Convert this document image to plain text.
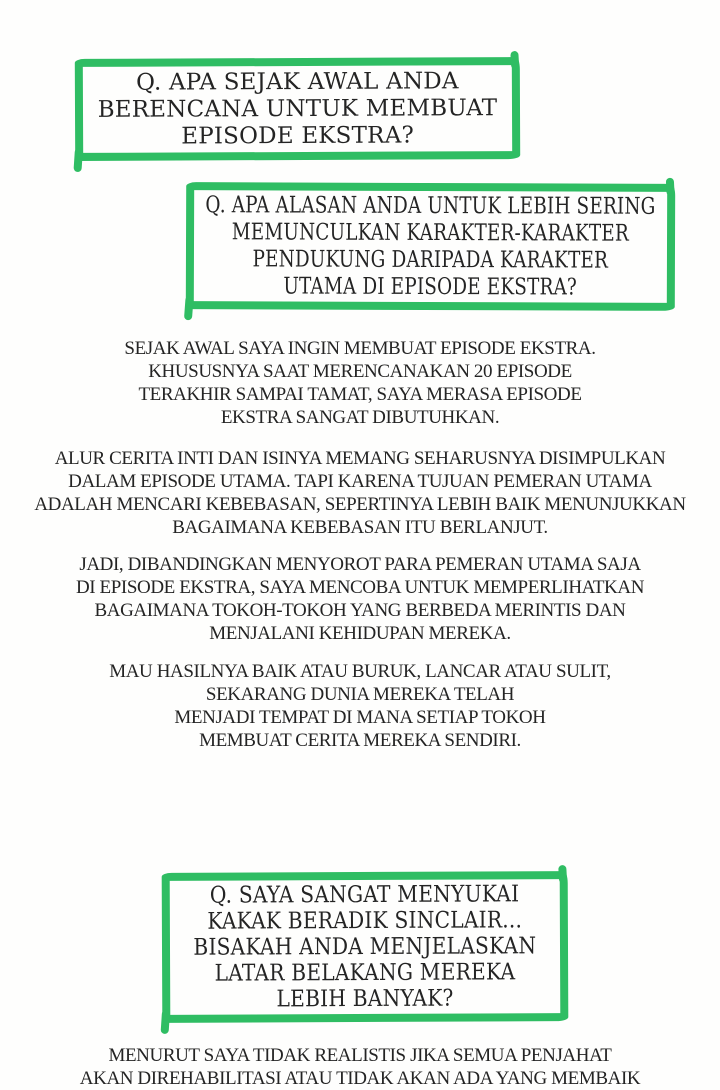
Q. APA SEJAK AWAL ANDA
BERENCANA UNTUK MEMBUAT
EPISODE EKSTRA?
Q. APA ALASAN ANDA UNTUK LEBIH SERING
MEMUNCULKAN KARAKTER-KARAKTER
PENDUKUNG DARIPADA KARAKTER
UTAMA DI EPISODE EKSTRA?
SEJAK AWAL SAYA INGIN MEMBUAT EPISODE EKSTRA.
KHUSUSNYA SAAT MERENCANAKAN 20 EPISODE
TERAKHIR SAMPAI TAMAT, SAYA MERASA EPISODE
EKSTRA SANGAT DIBUTUHKAN.
ALUR CERITA INTI DAN ISINYA MEMANG SEHARUSNYA DISIMPULKAN
DALAM EPISODE UTAMA. TAPI KARENA TUJUAN PEMERAN UTAMA
ADALAH MENCARI KEBEBASAN, SEPERTINYA LEBIH BAIK MENUNJUKKAN
BAGAIMANA KEBEBASAN ITU BERLANJUT.
JADI, DIBANDINGKAN MENYOROT PARA PEMERAN UTAMA SAJA
DI EPISODE EKSTRA, SAYA MENCOBA UNTUK MEMPERLIHATKAN
BAGAIMANA TOKOH-TOKOH YANG BERBEDA MERINTIS DAN
MENJALANI KEHIDUPAN MEREKA.
MAU HASILNYA BAIK ATAU BURUK, LANCAR ATAU SULIT,
SEKARANG DUNIA MEREKA TELAH
MENJADI TEMPAT DI MANA SETIAP TOKOH
MEMBUAT CERITA MEREKA SENDIRI.
Q. SAYA SANGAT MENYUKAI
KAKAK BERADIK SINCLAIR...
BISAKAH ANDA MENJELASKAN
LATAR BELAKANG MEREKA
LEBIH BANYAK?
MENURUT SAYA TIDAK REALISTIS JIKA SEMUA PENJAHAT
AKAN DIREHABILITASI ATAU TIDAK AKAN ADA YANG MEMBAIK
